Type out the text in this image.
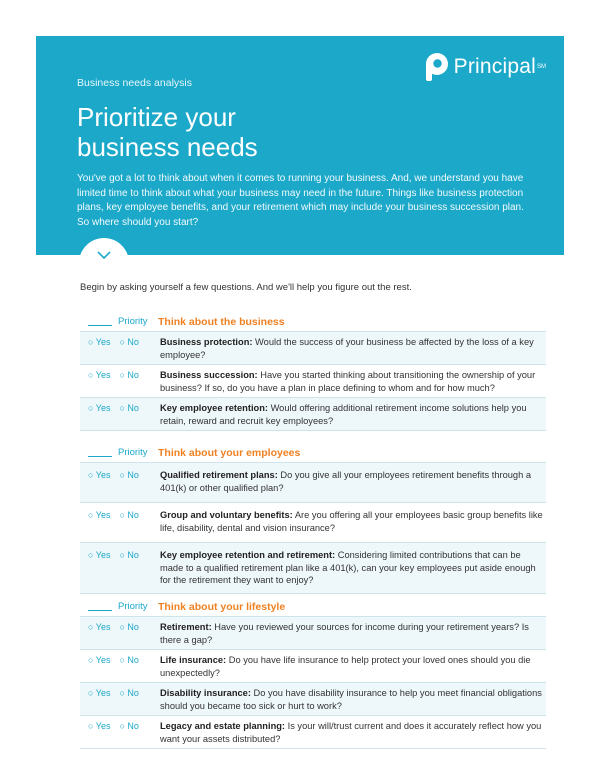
Business needs analysis
Prioritize your
business needs
You've got a lot to think about when it comes to running your business. And, we understand you have limited time to think about what your business may need in the future. Things like business protection plans, key employee benefits, and your retirement which may include your business succession plan. So where should you start?
Principal SM
Begin by asking yourself a few questions. And we'll help you figure out the rest.
Priority Think about the business
○ Yes ○ No Business protection: Would the success of your business be affected by the loss of a key employee?
○ Yes ○ No Business succession: Have you started thinking about transitioning the ownership of your business? If so, do you have a plan in place defining to whom and for how much?
○ Yes ○ No Key employee retention: Would offering additional retirement income solutions help you retain, reward and recruit key employees?
Priority Think about your employees
○ Yes ○ No Qualified retirement plans: Do you give all your employees retirement benefits through a 401(k) or other qualified plan?
○ Yes ○ No Group and voluntary benefits: Are you offering all your employees basic group benefits like life, disability, dental and vision insurance?
○ Yes ○ No Key employee retention and retirement: Considering limited contributions that can be made to a qualified retirement plan like a 401(k), can your key employees put aside enough for the retirement they want to enjoy?
Priority Think about your lifestyle
○ Yes ○ No Retirement: Have you reviewed your sources for income during your retirement years? Is there a gap?
○ Yes ○ No Life insurance: Do you have life insurance to help protect your loved ones should you die unexpectedly?
○ Yes ○ No Disability insurance: Do you have disability insurance to help you meet financial obligations should you became too sick or hurt to work?
○ Yes ○ No Legacy and estate planning: Is your will/trust current and does it accurately reflect how you want your assets distributed?
